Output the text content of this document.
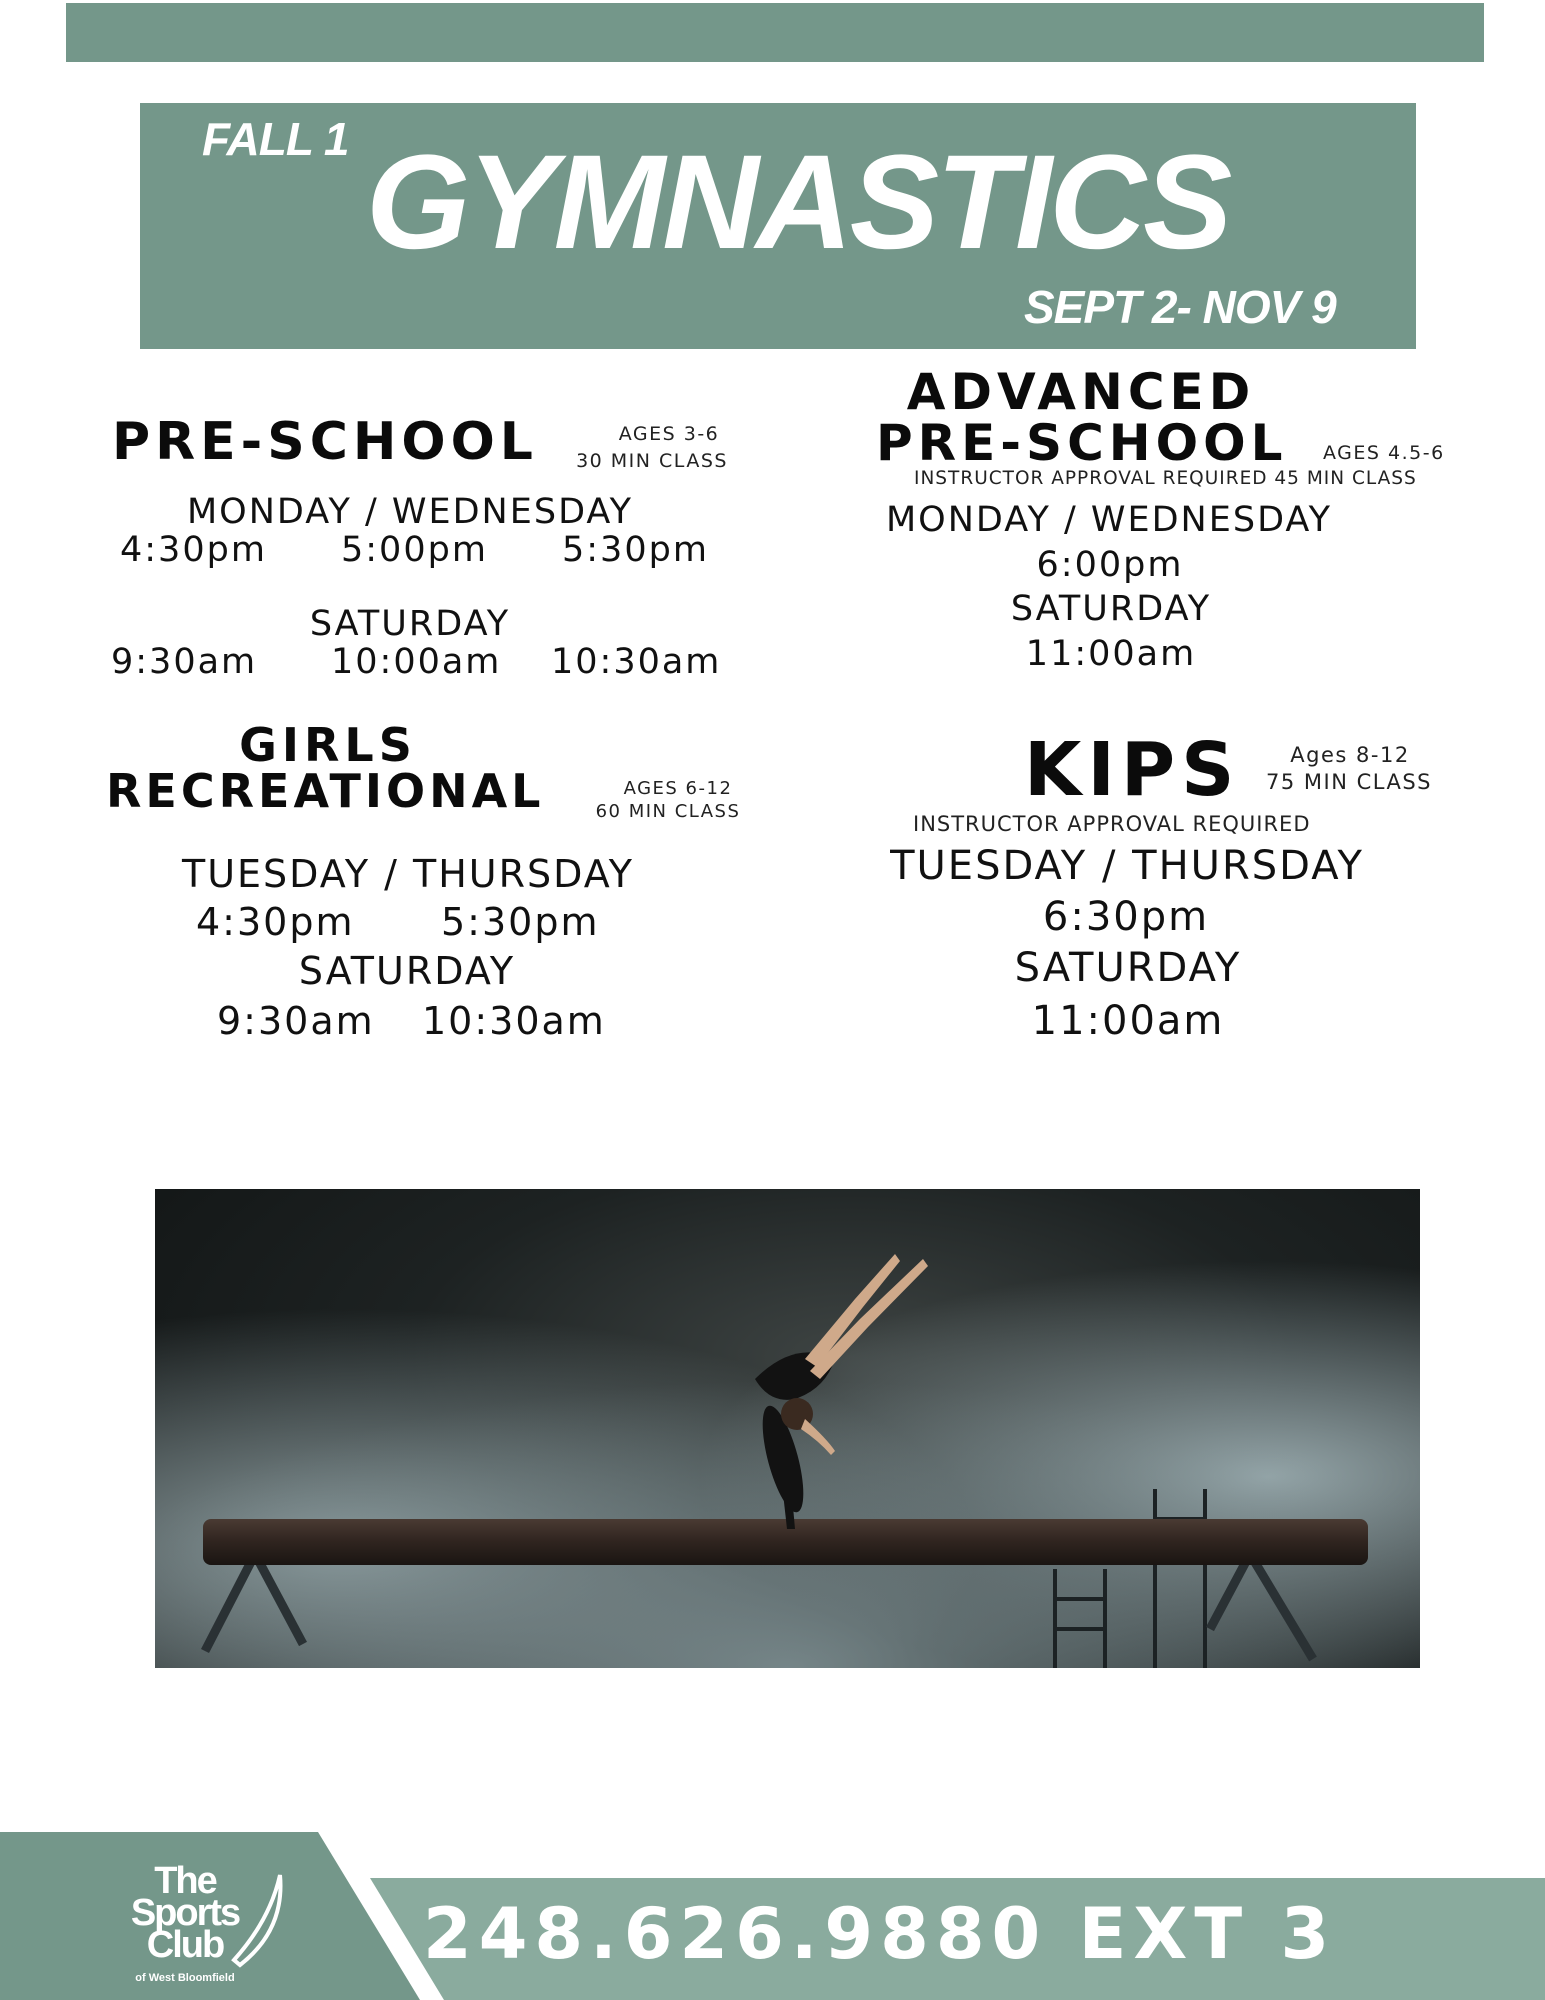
FALL 1 GYMNASTICS
SEPT 2- NOV 9
PRE-SCHOOL	AGES 3-6
30 MIN CLASS
MONDAY / WEDNESDAY
4:30pm 5:00pm 5:30pm
SATURDAY
9:30am 10:00am 10:30am
ADVANCED
PRE-SCHOOL AGES 4.5-6
INSTRUCTOR APPROVAL REQUIRED 45 MIN CLASS
MONDAY / WEDNESDAY
6:00pm
SATURDAY
11:00am
GIRLS
RECREATIONAL	AGES 6-12
60 MIN CLASS
TUESDAY / THURSDAY
4:30pm 5:30pm
SATURDAY
9:30am 10:30am
KIPS Ages 8-12
75 MIN CLASS
INSTRUCTOR APPROVAL REQUIRED
TUESDAY / THURSDAY
6:30pm
SATURDAY
11:00am
The
Sports
Club
of West Bloomfield
248.626.9880 EXT 3
